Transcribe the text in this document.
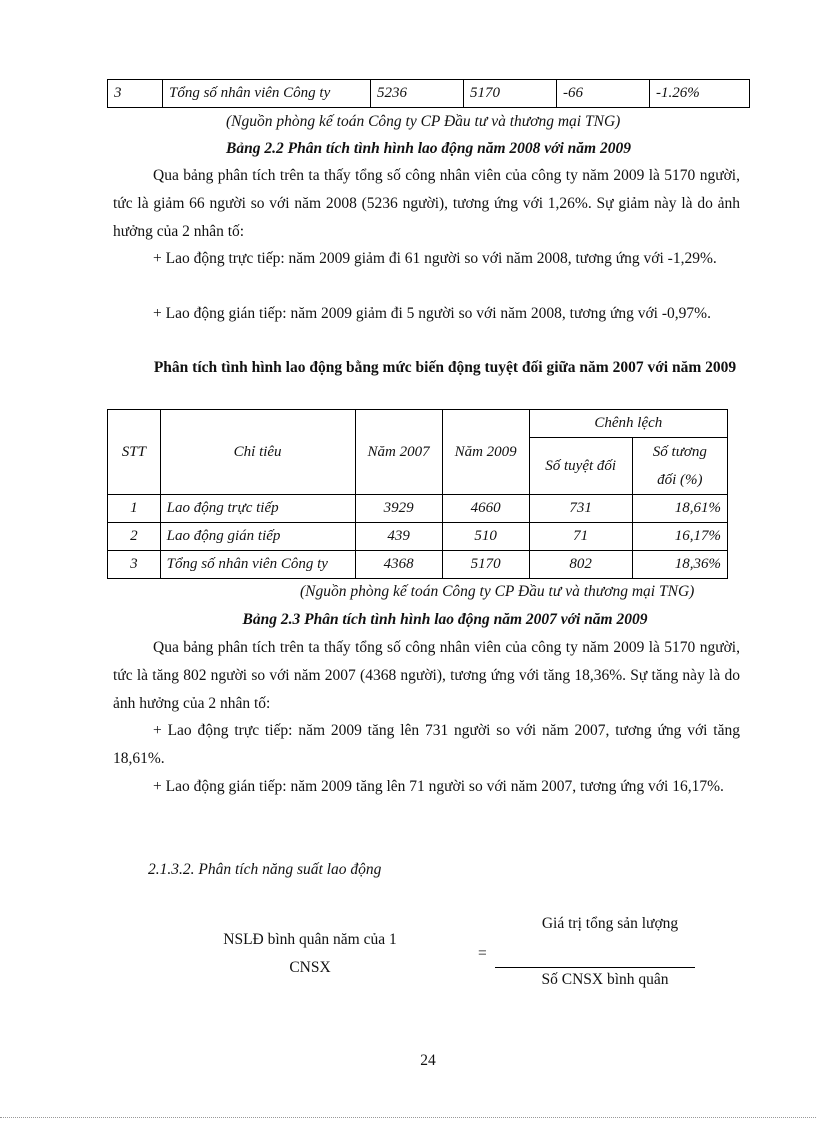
3	Tổng số nhân viên Công ty	5236	5170	-66	-1.26%
(Nguồn phòng kế toán Công ty CP Đầu tư và thương mại TNG)
Bảng 2.2 Phân tích tình hình lao động năm 2008 với năm 2009

Qua bảng phân tích trên ta thấy tổng số công nhân viên của công ty năm 2009 là 5170 người, tức là giảm 66 người so với năm 2008 (5236 người), tương ứng với 1,26%. Sự giảm này là do ảnh hưởng của 2 nhân tố:

+ Lao động trực tiếp: năm 2009 giảm đi 61 người so với năm 2008, tương ứng với -1,29%.

+ Lao động gián tiếp: năm 2009 giảm đi 5 người so với năm 2008, tương ứng với -0,97%.

Phân tích tình hình lao động bằng mức biến động tuyệt đối giữa năm 2007 với năm 2009
STT	Chỉ tiêu	Năm 2007	Năm 2009	Chênh lệch	
				Số tuyệt đối	Số tương đối (%)

1	Lao động trực tiếp	3929	4660	731	18,61%
2	Lao động gián tiếp	439	510	71	16,17%
3	Tổng số nhân viên Công ty	4368	5170	802	18,36%
(Nguồn phòng kế toán Công ty CP Đầu tư và thương mại TNG)
Bảng 2.3 Phân tích tình hình lao động năm 2007 với năm 2009

Qua bảng phân tích trên ta thấy tổng số công nhân viên của công ty năm 2009 là 5170 người, tức là tăng 802 người so với năm 2007 (4368 người), tương ứng với tăng 18,36%. Sự tăng này là do ảnh hưởng của 2 nhân tố:

+ Lao động trực tiếp: năm 2009 tăng lên 731 người so với năm 2007, tương ứng với tăng 18,61%.

+ Lao động gián tiếp: năm 2009 tăng lên 71 người so với năm 2007, tương ứng với 16,17%.

2.1.3.2. Phân tích năng suất lao động
NSLĐ bình quân năm của 1 CNSX
=
Giá trị tổng sản lượng
Số CNSX bình quân
24
